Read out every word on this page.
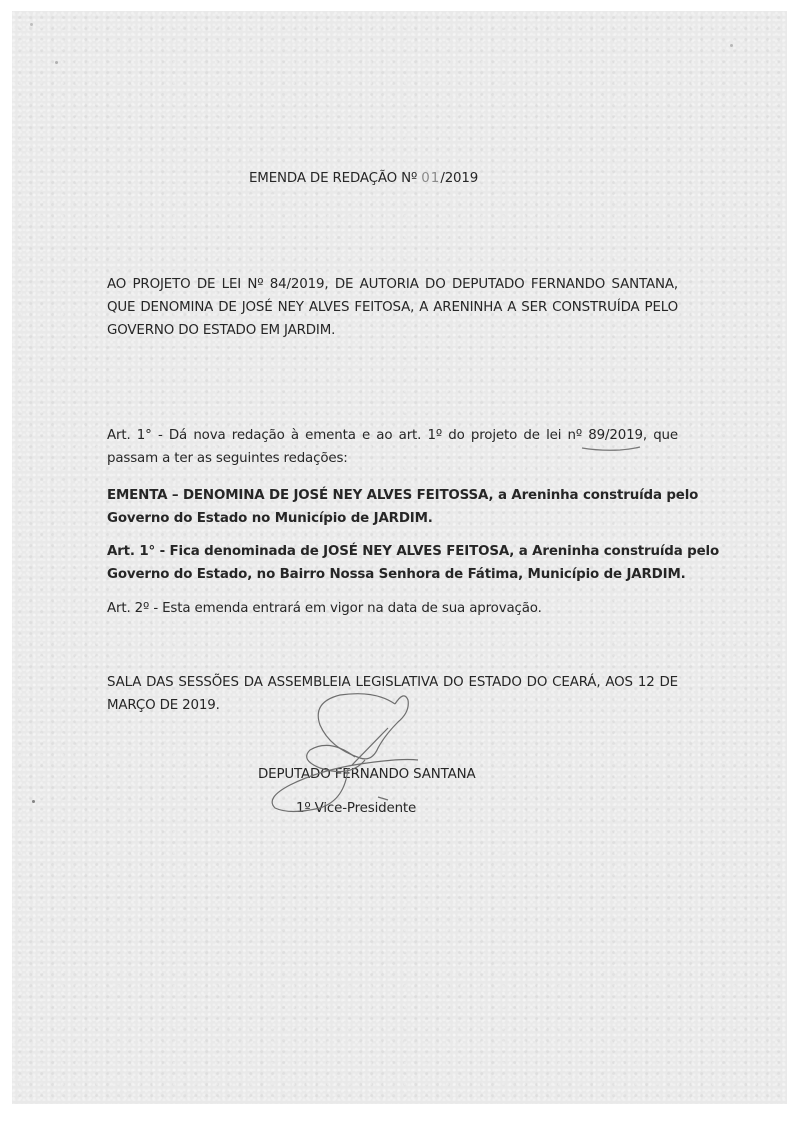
EMENDA DE REDAÇÃO Nº 01/2019
AO PROJETO DE LEI Nº 84/2019, DE AUTORIA DO DEPUTADO FERNANDO SANTANA,
QUE DENOMINA DE JOSÉ NEY ALVES FEITOSA, A ARENINHA A SER CONSTRUÍDA PELO
GOVERNO DO ESTADO EM JARDIM.
Art. 1° - Dá nova redação à ementa e ao art. 1º do projeto de lei nº 89/2019, que
passam a ter as seguintes redações:
EMENTA – DENOMINA DE JOSÉ NEY ALVES FEITOSSA, a Areninha construída pelo
Governo do Estado no Município de JARDIM.
Art. 1° - Fica denominada de JOSÉ NEY ALVES FEITOSA, a Areninha construída pelo
Governo do Estado, no Bairro Nossa Senhora de Fátima, Município de JARDIM.
Art. 2º - Esta emenda entrará em vigor na data de sua aprovação.
SALA DAS SESSÕES DA ASSEMBLEIA LEGISLATIVA DO ESTADO DO CEARÁ, AOS 12 DE
MARÇO DE 2019.
DEPUTADO FERNANDO SANTANA
1º Vice-Presidente
